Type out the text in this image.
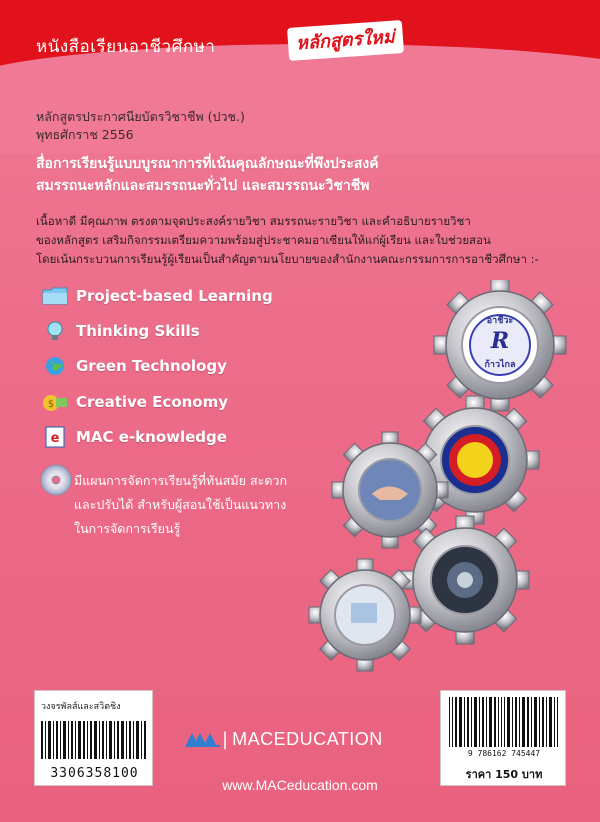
หนังสือเรียนอาชีวศึกษา	หลักสูตรใหม่
หลักสูตรประกาศนียบัตรวิชาชีพ (ปวช.)
พุทธศักราช 2556
สื่อการเรียนรู้แบบบูรณาการที่เน้นคุณลักษณะที่พึงประสงค์
สมรรถนะหลักและสมรรถนะทั่วไป และสมรรถนะวิชาชีพ
เนื้อหาดี มีคุณภาพ ตรงตามจุดประสงค์รายวิชา สมรรถนะรายวิชา และคำอธิบายรายวิชา
ของหลักสูตร เสริมกิจกรรมเตรียมความพร้อมสู่ประชาคมอาเซียนให้แก่ผู้เรียน และใบช่วยสอน
โดยเน้นกระบวนการเรียนรู้ผู้เรียนเป็นสำคัญตามนโยบายของสำนักงานคณะกรรมการการอาชีวศึกษา :-
Project-based Learning
Thinking Skills
Green Technology
$ Creative Economy
e MAC e-knowledge
มีแผนการจัดการเรียนรู้ที่ทันสมัย สะดวก
และปรับได้ สำหรับผู้สอนใช้เป็นแนวทาง
ในการจัดการเรียนรู้
อาชีวะ
R
ก้าวไกล
วงจรพัลส์และสวิตชิง
3306358100
| MACEDUCATION
www.MACeducation.com
9 786162 745447
ราคา 150 บาท
